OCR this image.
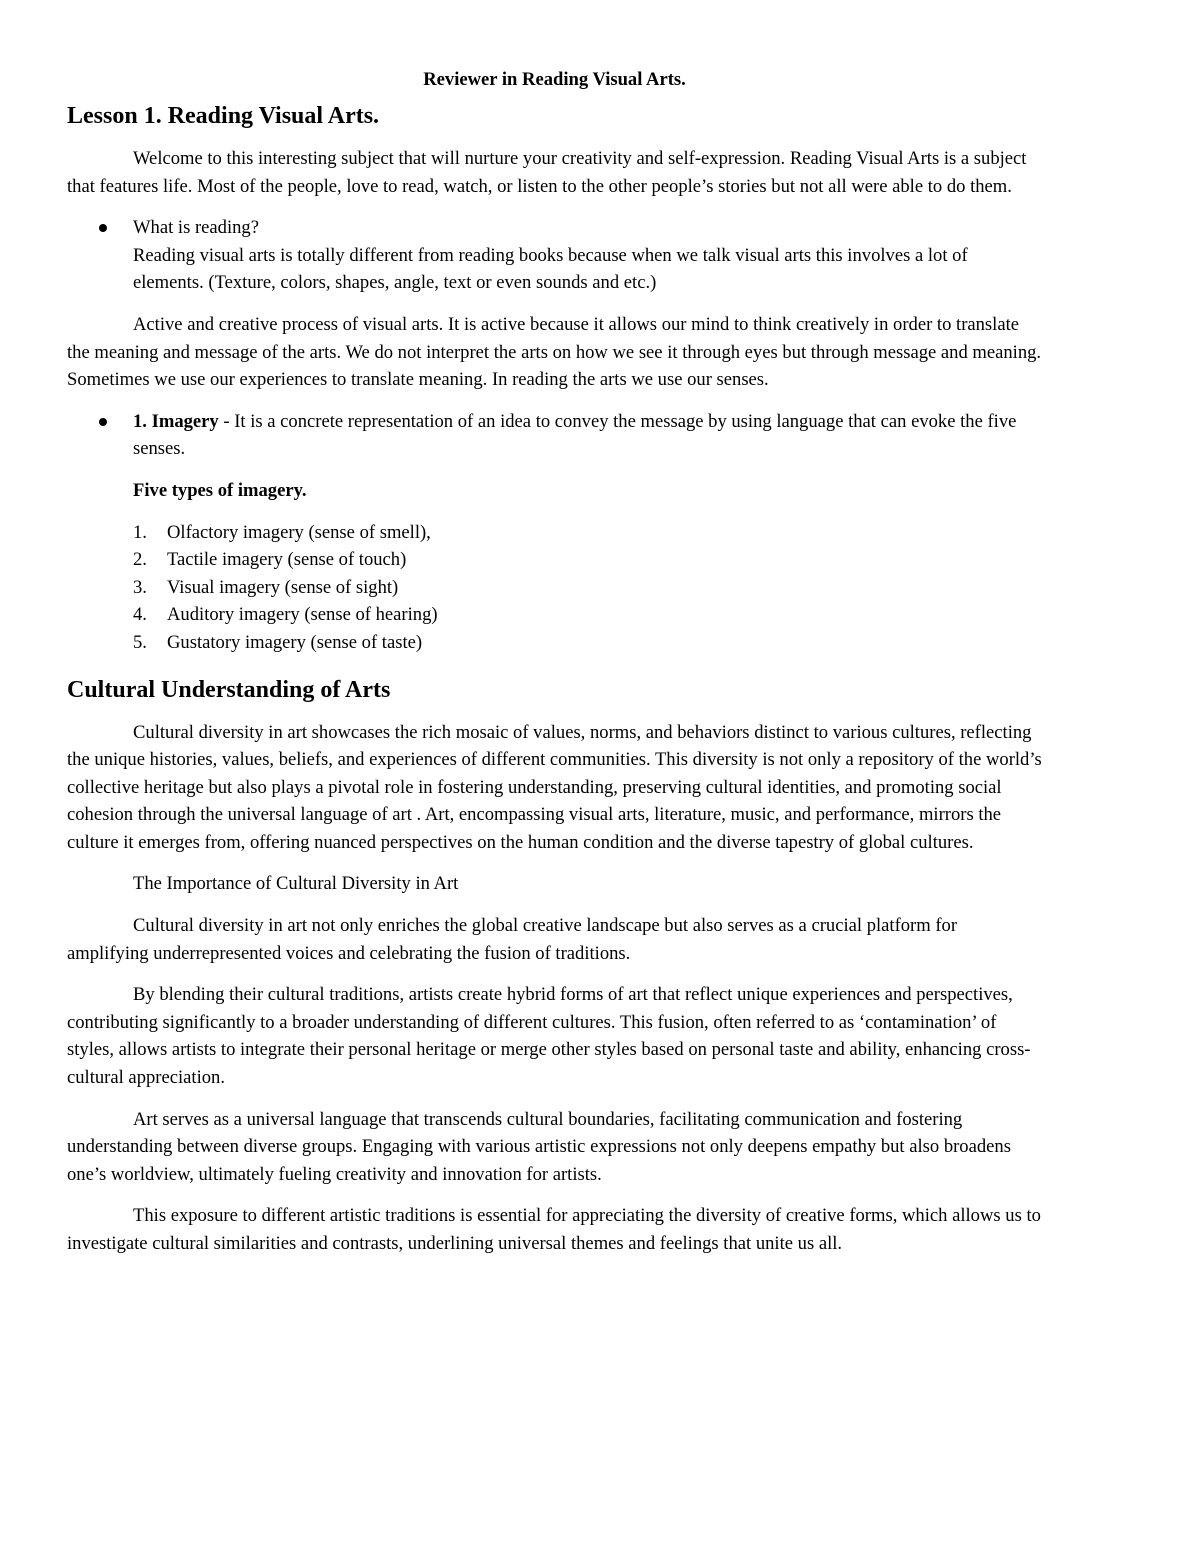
Reviewer in Reading Visual Arts.
Lesson 1. Reading Visual Arts.

Welcome to this interesting subject that will nurture your creativity and self-expression. Reading Visual Arts is a subject that features life. Most of the people, love to read, watch, or listen to the other people’s stories but not all were able to do them.

What is reading?
Reading visual arts is totally different from reading books because when we talk visual arts this involves a lot of elements. (Texture, colors, shapes, angle, text or even sounds and etc.)

Active and creative process of visual arts. It is active because it allows our mind to think creatively in order to translate the meaning and message of the arts. We do not interpret the arts on how we see it through eyes but through message and meaning. Sometimes we use our experiences to translate meaning. In reading the arts we use our senses.

1. Imagery - It is a concrete representation of an idea to convey the message by using language that can evoke the five senses.

Five types of imagery.

1. Olfactory imagery (sense of smell),
2. Tactile imagery (sense of touch)
3. Visual imagery (sense of sight)
4. Auditory imagery (sense of hearing)
5. Gustatory imagery (sense of taste)
Cultural Understanding of Arts

Cultural diversity in art showcases the rich mosaic of values, norms, and behaviors distinct to various cultures, reflecting the unique histories, values, beliefs, and experiences of different communities. This diversity is not only a repository of the world’s collective heritage but also plays a pivotal role in fostering understanding, preserving cultural identities, and promoting social cohesion through the universal language of art . Art, encompassing visual arts, literature, music, and performance, mirrors the culture it emerges from, offering nuanced perspectives on the human condition and the diverse tapestry of global cultures.

The Importance of Cultural Diversity in Art

Cultural diversity in art not only enriches the global creative landscape but also serves as a crucial platform for amplifying underrepresented voices and celebrating the fusion of traditions.

By blending their cultural traditions, artists create hybrid forms of art that reflect unique experiences and perspectives, contributing significantly to a broader understanding of different cultures. This fusion, often referred to as ‘contamination’ of styles, allows artists to integrate their personal heritage or merge other styles based on personal taste and ability, enhancing cross-cultural appreciation.

Art serves as a universal language that transcends cultural boundaries, facilitating communication and fostering understanding between diverse groups. Engaging with various artistic expressions not only deepens empathy but also broadens one’s worldview, ultimately fueling creativity and innovation for artists.

This exposure to different artistic traditions is essential for appreciating the diversity of creative forms, which allows us to investigate cultural similarities and contrasts, underlining universal themes and feelings that unite us all.
